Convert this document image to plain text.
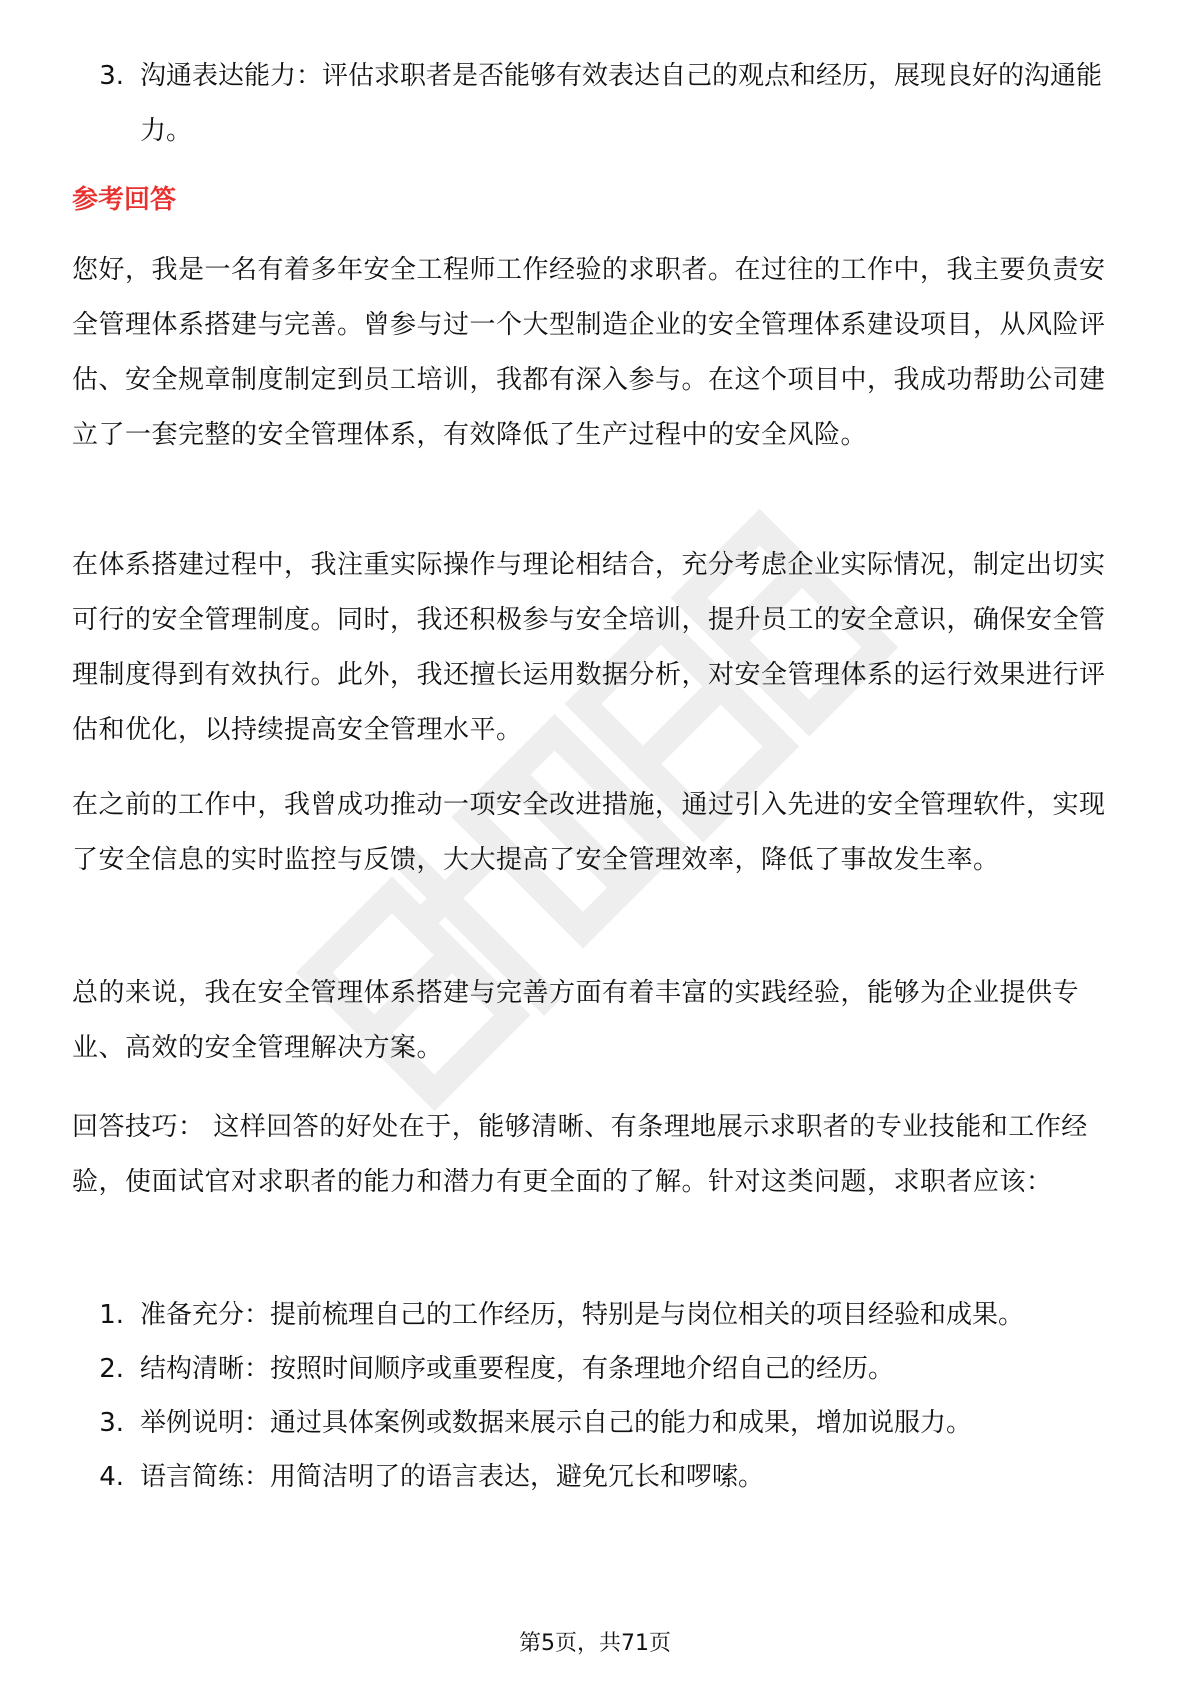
3. 沟通表达能力：评估求职者是否能够有效表达自己的观点和经历，展现良好的沟通能力。
参考回答
您好，我是一名有着多年安全工程师工作经验的求职者。在过往的工作中，我主要负责安全管理体系搭建与完善。曾参与过一个大型制造企业的安全管理体系建设项目，从风险评估、安全规章制度制定到员工培训，我都有深入参与。在这个项目中，我成功帮助公司建立了一套完整的安全管理体系，有效降低了生产过程中的安全风险。
在体系搭建过程中，我注重实际操作与理论相结合，充分考虑企业实际情况，制定出切实可行的安全管理制度。同时，我还积极参与安全培训，提升员工的安全意识，确保安全管理制度得到有效执行。此外，我还擅长运用数据分析，对安全管理体系的运行效果进行评估和优化，以持续提高安全管理水平。
在之前的工作中，我曾成功推动一项安全改进措施，通过引入先进的安全管理软件，实现了安全信息的实时监控与反馈，大大提高了安全管理效率，降低了事故发生率。
总的来说，我在安全管理体系搭建与完善方面有着丰富的实践经验，能够为企业提供专业、高效的安全管理解决方案。
回答技巧： 这样回答的好处在于，能够清晰、有条理地展示求职者的专业技能和工作经验，使面试官对求职者的能力和潜力有更全面的了解。针对这类问题，求职者应该：
1. 准备充分：提前梳理自己的工作经历，特别是与岗位相关的项目经验和成果。
2. 结构清晰：按照时间顺序或重要程度，有条理地介绍自己的经历。
3. 举例说明：通过具体案例或数据来展示自己的能力和成果，增加说服力。
4. 语言简练：用简洁明了的语言表达，避免冗长和啰嗦。
第5页，共71页
